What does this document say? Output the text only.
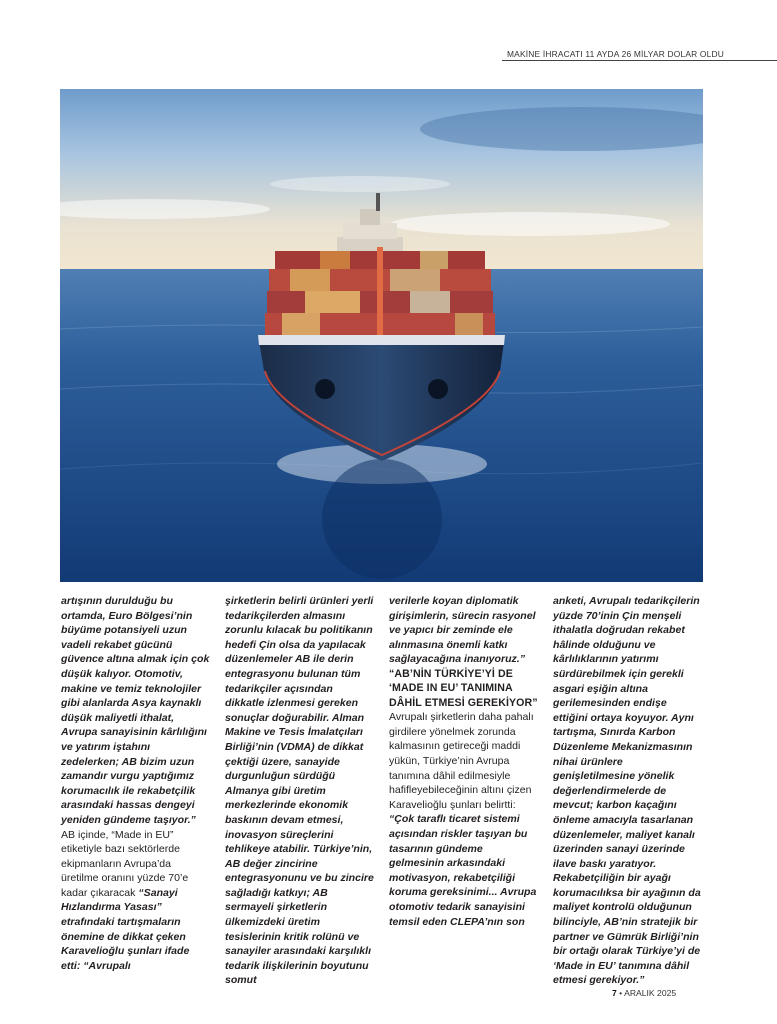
MAKİNE İHRACATI 11 AYDA 26 MİLYAR DOLAR OLDU

artışının durulduğu bu ortamda, Euro Bölgesi’nin büyüme potansiyeli uzun vadeli rekabet gücünü güvence altına almak için çok düşük kalıyor. Otomotiv, makine ve temiz teknolojiler gibi alanlarda Asya kaynaklı düşük maliyetli ithalat, Avrupa sanayisinin kârlılığını ve yatırım iştahını zedelerken; AB bizim uzun zamandır vurgu yaptığımız korumacılık ile rekabetçilik arasındaki hassas dengeyi yeniden gündeme taşıyor.” AB içinde, “Made in EU” etiketiyle bazı sektörlerde ekipmanların Avrupa’da üretilme oranını yüzde 70’e kadar çıkaracak “Sanayi Hızlandırma Yasası” etrafındaki tartışmaların önemine de dikkat çeken Karavelioğlu şunları ifade etti: “Avrupalı

şirketlerin belirli ürünleri yerli tedarikçilerden almasını zorunlu kılacak bu politikanın hedefi Çin olsa da yapılacak düzenlemeler AB ile derin entegrasyonu bulunan tüm tedarikçiler açısından dikkatle izlenmesi gereken sonuçlar doğurabilir. Alman Makine ve Tesis İmalatçıları Birliği’nin (VDMA) de dikkat çektiği üzere, sanayide durgunluğun sürdüğü Almanya gibi üretim merkezlerinde ekonomik baskının devam etmesi, inovasyon süreçlerini tehlikeye atabilir. Türkiye’nin, AB değer zincirine entegrasyonunu ve bu zincire sağladığı katkıyı; AB sermayeli şirketlerin ülkemizdeki üretim tesislerinin kritik rolünü ve sanayiler arasındaki karşılıklı tedarik ilişkilerinin boyutunu somut

verilerle koyan diplomatik girişimlerin, sürecin rasyonel ve yapıcı bir zeminde ele alınmasına önemli katkı sağlayacağına inanıyoruz.”

“AB’NİN TÜRKİYE’Yİ DE ‘MADE IN EU’ TANIMINA DÂHİL ETMESİ GEREKİYOR”

Avrupalı şirketlerin daha pahalı girdilere yönelmek zorunda kalmasının getireceği maddi yükün, Türkiye’nin Avrupa tanımına dâhil edilmesiyle hafifleyebileceğinin altını çizen Karavelioğlu şunları belirtti: “Çok taraflı ticaret sistemi açısından riskler taşıyan bu tasarının gündeme gelmesinin arkasındaki motivasyon, rekabetçiliği koruma gereksinimi... Avrupa otomotiv tedarik sanayisini temsil eden CLEPA’nın son

anketi, Avrupalı tedarikçilerin yüzde 70’inin Çin menşeli ithalatla doğrudan rekabet hâlinde olduğunu ve kârlılıklarının yatırımı sürdürebilmek için gerekli asgari eşiğin altına gerilemesinden endişe ettiğini ortaya koyuyor. Aynı tartışma, Sınırda Karbon Düzenleme Mekanizmasının nihai ürünlere genişletilmesine yönelik değerlendirmelerde de mevcut; karbon kaçağını önleme amacıyla tasarlanan düzenlemeler, maliyet kanalı üzerinden sanayi üzerinde ilave baskı yaratıyor. Rekabetçiliğin bir ayağı korumacılıksa bir ayağının da maliyet kontrolü olduğunun bilinciyle, AB’nin stratejik bir partner ve Gümrük Birliği’nin bir ortağı olarak Türkiye’yi de ‘Made in EU’ tanımına dâhil etmesi gerekiyor.”

7 • ARALIK 2025
